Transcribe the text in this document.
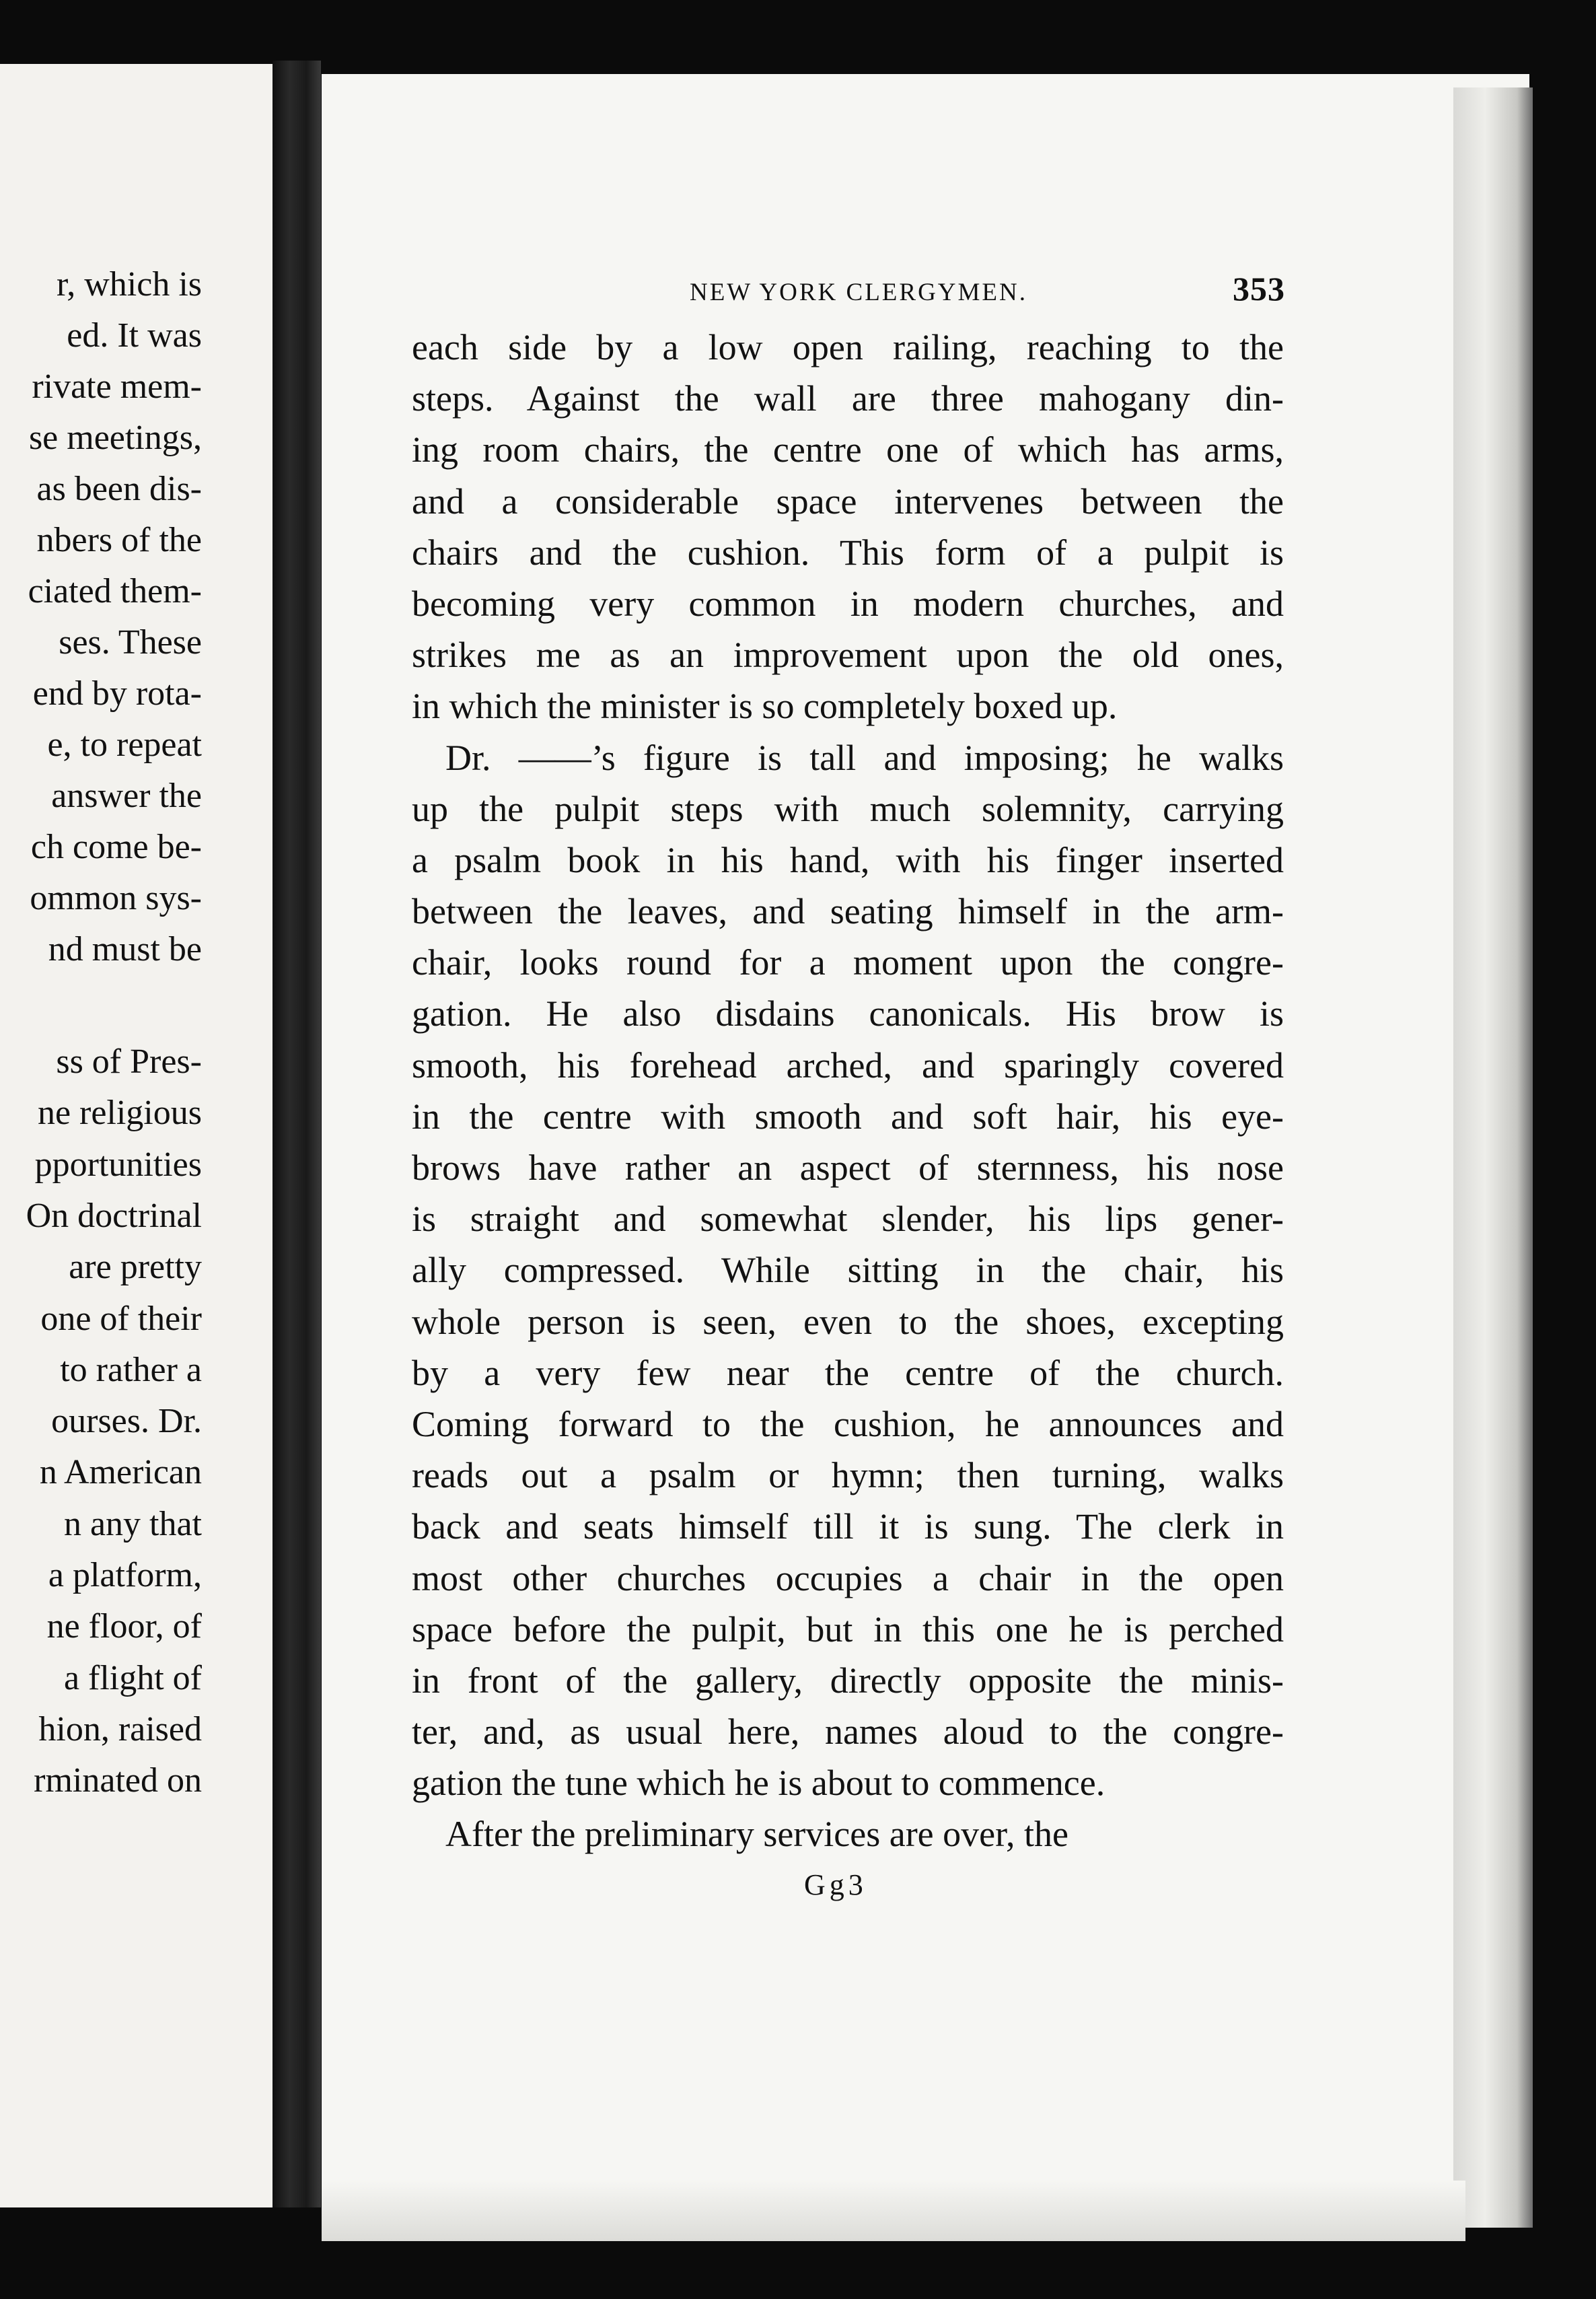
r, which is
ed. It was
rivate mem-
se meetings,
as been dis-
nbers of the
ciated them-
ses. These
end by rota-
e, to repeat
answer the
ch come be-
ommon sys-
nd must be
ss of Pres-
ne religious
pportunities
On doctrinal
are pretty
one of their
to rather a
ourses. Dr.
n American
n any that
a platform,
ne floor, of
a flight of
hion, raised
rminated on
NEW YORK CLERGYMEN.	353
each side by a low open railing, reaching to the
steps. Against the wall are three mahogany din-
ing room chairs, the centre one of which has arms,
and a considerable space intervenes between the
chairs and the cushion. This form of a pulpit is
becoming very common in modern churches, and
strikes me as an improvement upon the old ones,
in which the minister is so completely boxed up.
Dr. ——’s figure is tall and imposing; he walks
up the pulpit steps with much solemnity, carrying
a psalm book in his hand, with his finger inserted
between the leaves, and seating himself in the arm-
chair, looks round for a moment upon the congre-
gation. He also disdains canonicals. His brow is
smooth, his forehead arched, and sparingly covered
in the centre with smooth and soft hair, his eye-
brows have rather an aspect of sternness, his nose
is straight and somewhat slender, his lips gener-
ally compressed. While sitting in the chair, his
whole person is seen, even to the shoes, excepting
by a very few near the centre of the church.
Coming forward to the cushion, he announces and
reads out a psalm or hymn; then turning, walks
back and seats himself till it is sung. The clerk in
most other churches occupies a chair in the open
space before the pulpit, but in this one he is perched
in front of the gallery, directly opposite the minis-
ter, and, as usual here, names aloud to the congre-
gation the tune which he is about to commence.
After the preliminary services are over, the
Gg3
